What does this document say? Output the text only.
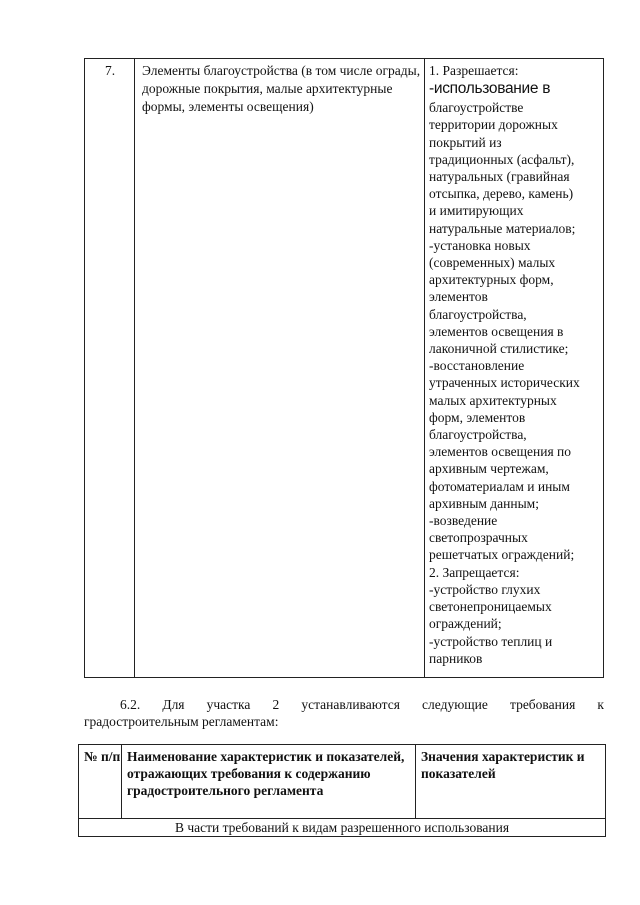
7.	Элементы благоустройства (в том числе ограды, дорожные покрытия, малые архитектурные формы, элементы освещения)
1. Разрешается:
-использование в
благоустройстве
территории дорожных
покрытий из
традиционных (асфальт),
натуральных (гравийная
отсыпка, дерево, камень)
и имитирующих
натуральные материалов;
-установка новых
(современных) малых
архитектурных форм,
элементов
благоустройства,
элементов освещения в
лаконичной стилистике;
-восстановление
утраченных исторических
малых архитектурных
форм, элементов
благоустройства,
элементов освещения по
архивным чертежам,
фотоматериалам и иным
архивным данным;
-возведение
светопрозрачных
решетчатых ограждений;
2. Запрещается:
-устройство глухих
светонепроницаемых
ограждений;
-устройство теплиц и
парников
6.2. Для участка 2 устанавливаются следующие требования к
градостроительным регламентам:
№ п/п Наименование характеристик и показателей, отражающих требования к содержанию градостроительного регламента
Значения характеристик и показателей
В части требований к видам разрешенного использования
